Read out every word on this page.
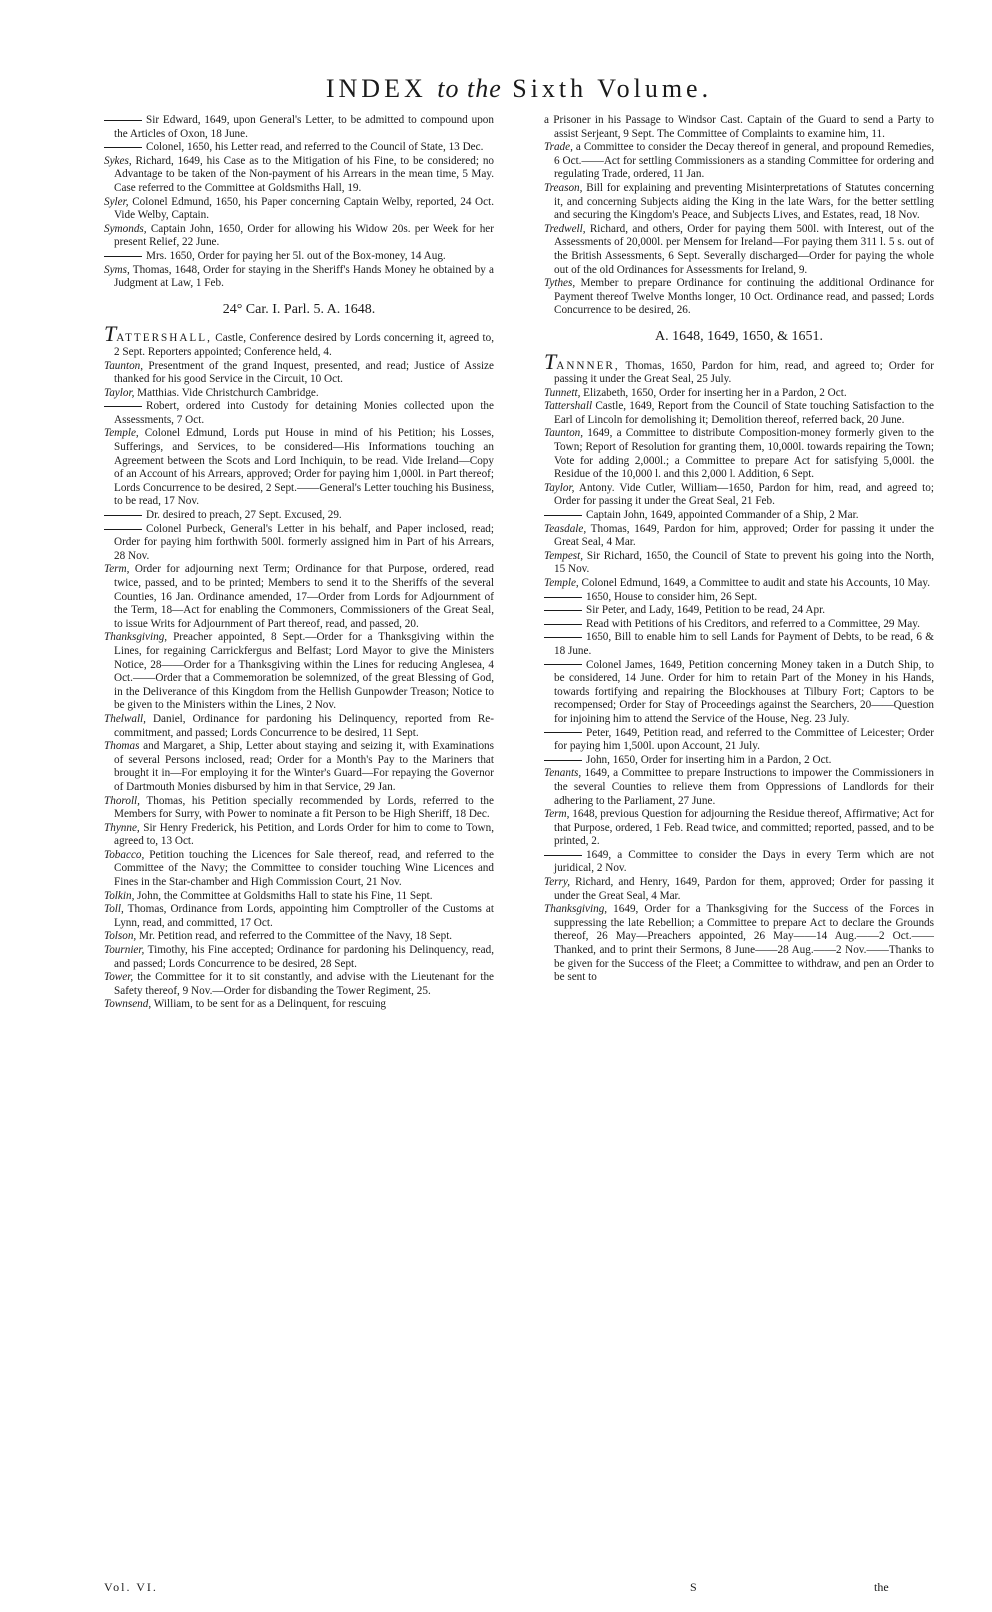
INDEX to the Sixth Volume.

Sir Edward, 1649, upon General's Letter, to be admitted to compound upon the Articles of Oxon, 18 June.

Colonel, 1650, his Letter read, and referred to the Council of State, 13 Dec.

Sykes, Richard, 1649, his Case as to the Mitigation of his Fine, to be considered; no Advantage to be taken of the Non-payment of his Arrears in the mean time, 5 May. Case referred to the Committee at Goldsmiths Hall, 19.

Syler, Colonel Edmund, 1650, his Paper concerning Captain Welby, reported, 24 Oct. Vide Welby, Captain.

Symonds, Captain John, 1650, Order for allowing his Widow 20s. per Week for her present Relief, 22 June.

Mrs. 1650, Order for paying her 5l. out of the Box-money, 14 Aug.

Syms, Thomas, 1648, Order for staying in the Sheriff's Hands Money he obtained by a Judgment at Law, 1 Feb.

24° Car. I. Parl. 5. A. 1648.

TATTERSHALL, Castle, Conference desired by Lords concerning it, agreed to, 2 Sept. Reporters appointed; Conference held, 4.

Taunton, Presentment of the grand Inquest, presented, and read; Justice of Assize thanked for his good Service in the Circuit, 10 Oct.

Taylor, Matthias. Vide Christchurch Cambridge.

Robert, ordered into Custody for detaining Monies collected upon the Assessments, 7 Oct.

Temple, Colonel Edmund, Lords put House in mind of his Petition; his Losses, Sufferings, and Services, to be considered—His Informations touching an Agreement between the Scots and Lord Inchiquin, to be read. Vide Ireland—Copy of an Account of his Arrears, approved; Order for paying him 1,000l. in Part thereof; Lords Concurrence to be desired, 2 Sept.——General's Letter touching his Business, to be read, 17 Nov.

Dr. desired to preach, 27 Sept. Excused, 29.

Colonel Purbeck, General's Letter in his behalf, and Paper inclosed, read; Order for paying him forthwith 500l. formerly assigned him in Part of his Arrears, 28 Nov.

Term, Order for adjourning next Term; Ordinance for that Purpose, ordered, read twice, passed, and to be printed; Members to send it to the Sheriffs of the several Counties, 16 Jan. Ordinance amended, 17—Order from Lords for Adjournment of the Term, 18—Act for enabling the Commoners, Commissioners of the Great Seal, to issue Writs for Adjournment of Part thereof, read, and passed, 20.

Thanksgiving, Preacher appointed, 8 Sept.—Order for a Thanksgiving within the Lines, for regaining Carrickfergus and Belfast; Lord Mayor to give the Ministers Notice, 28——Order for a Thanksgiving within the Lines for reducing Anglesea, 4 Oct.——Order that a Commemoration be solemnized, of the great Blessing of God, in the Deliverance of this Kingdom from the Hellish Gunpowder Treason; Notice to be given to the Ministers within the Lines, 2 Nov.

Thelwall, Daniel, Ordinance for pardoning his Delinquency, reported from Re-commitment, and passed; Lords Concurrence to be desired, 11 Sept.

Thomas and Margaret, a Ship, Letter about staying and seizing it, with Examinations of several Persons inclosed, read; Order for a Month's Pay to the Mariners that brought it in—For employing it for the Winter's Guard—For repaying the Governor of Dartmouth Monies disbursed by him in that Service, 29 Jan.

Thoroll, Thomas, his Petition specially recommended by Lords, referred to the Members for Surry, with Power to nominate a fit Person to be High Sheriff, 18 Dec.

Thynne, Sir Henry Frederick, his Petition, and Lords Order for him to come to Town, agreed to, 13 Oct.

Tobacco, Petition touching the Licences for Sale thereof, read, and referred to the Committee of the Navy; the Committee to consider touching Wine Licences and Fines in the Star-chamber and High Commission Court, 21 Nov.

Tolkin, John, the Committee at Goldsmiths Hall to state his Fine, 11 Sept.

Toll, Thomas, Ordinance from Lords, appointing him Comptroller of the Customs at Lynn, read, and committed, 17 Oct.

Tolson, Mr. Petition read, and referred to the Committee of the Navy, 18 Sept.

Tournier, Timothy, his Fine accepted; Ordinance for pardoning his Delinquency, read, and passed; Lords Concurrence to be desired, 28 Sept.

Tower, the Committee for it to sit constantly, and advise with the Lieutenant for the Safety thereof, 9 Nov.—Order for disbanding the Tower Regiment, 25.

Townsend, William, to be sent for as a Delinquent, for rescuing

a Prisoner in his Passage to Windsor Cast. Captain of the Guard to send a Party to assist Serjeant, 9 Sept. The Committee of Complaints to examine him, 11.

Trade, a Committee to consider the Decay thereof in general, and propound Remedies, 6 Oct.——Act for settling Commissioners as a standing Committee for ordering and regulating Trade, ordered, 11 Jan.

Treason, Bill for explaining and preventing Misinterpretations of Statutes concerning it, and concerning Subjects aiding the King in the late Wars, for the better settling and securing the Kingdom's Peace, and Subjects Lives, and Estates, read, 18 Nov.

Tredwell, Richard, and others, Order for paying them 500l. with Interest, out of the Assessments of 20,000l. per Mensem for Ireland—For paying them 311 l. 5 s. out of the British Assessments, 6 Sept. Severally discharged—Order for paying the whole out of the old Ordinances for Assessments for Ireland, 9.

Tythes, Member to prepare Ordinance for continuing the additional Ordinance for Payment thereof Twelve Months longer, 10 Oct. Ordinance read, and passed; Lords Concurrence to be desired, 26.

A. 1648, 1649, 1650, & 1651.

TANNNER, Thomas, 1650, Pardon for him, read, and agreed to; Order for passing it under the Great Seal, 25 July.

Tunnett, Elizabeth, 1650, Order for inserting her in a Pardon, 2 Oct.

Tattershall Castle, 1649, Report from the Council of State touching Satisfaction to the Earl of Lincoln for demolishing it; Demolition thereof, referred back, 20 June.

Taunton, 1649, a Committee to distribute Composition-money formerly given to the Town; Report of Resolution for granting them, 10,000l. towards repairing the Town; Vote for adding 2,000l.; a Committee to prepare Act for satisfying 5,000l. the Residue of the 10,000 l. and this 2,000 l. Addition, 6 Sept.

Taylor, Antony. Vide Cutler, William—1650, Pardon for him, read, and agreed to; Order for passing it under the Great Seal, 21 Feb.

Captain John, 1649, appointed Commander of a Ship, 2 Mar.

Teasdale, Thomas, 1649, Pardon for him, approved; Order for passing it under the Great Seal, 4 Mar.

Tempest, Sir Richard, 1650, the Council of State to prevent his going into the North, 15 Nov.

Temple, Colonel Edmund, 1649, a Committee to audit and state his Accounts, 10 May.

1650, House to consider him, 26 Sept.

Sir Peter, and Lady, 1649, Petition to be read, 24 Apr.

Read with Petitions of his Creditors, and referred to a Committee, 29 May.

1650, Bill to enable him to sell Lands for Payment of Debts, to be read, 6 & 18 June.

Colonel James, 1649, Petition concerning Money taken in a Dutch Ship, to be considered, 14 June. Order for him to retain Part of the Money in his Hands, towards fortifying and repairing the Blockhouses at Tilbury Fort; Captors to be recompensed; Order for Stay of Proceedings against the Searchers, 20——Question for injoining him to attend the Service of the House, Neg. 23 July.

Peter, 1649, Petition read, and referred to the Committee of Leicester; Order for paying him 1,500l. upon Account, 21 July.

John, 1650, Order for inserting him in a Pardon, 2 Oct.

Tenants, 1649, a Committee to prepare Instructions to impower the Commissioners in the several Counties to relieve them from Oppressions of Landlords for their adhering to the Parliament, 27 June.

Term, 1648, previous Question for adjourning the Residue thereof, Affirmative; Act for that Purpose, ordered, 1 Feb. Read twice, and committed; reported, passed, and to be printed, 2.

1649, a Committee to consider the Days in every Term which are not juridical, 2 Nov.

Terry, Richard, and Henry, 1649, Pardon for them, approved; Order for passing it under the Great Seal, 4 Mar.

Thanksgiving, 1649, Order for a Thanksgiving for the Success of the Forces in suppressing the late Rebellion; a Committee to prepare Act to declare the Grounds thereof, 26 May—Preachers appointed, 26 May——14 Aug.——2 Oct.——Thanked, and to print their Sermons, 8 June——28 Aug.——2 Nov.——Thanks to be given for the Success of the Fleet; a Committee to withdraw, and pen an Order to be sent to

Vol. VI.	S	the
